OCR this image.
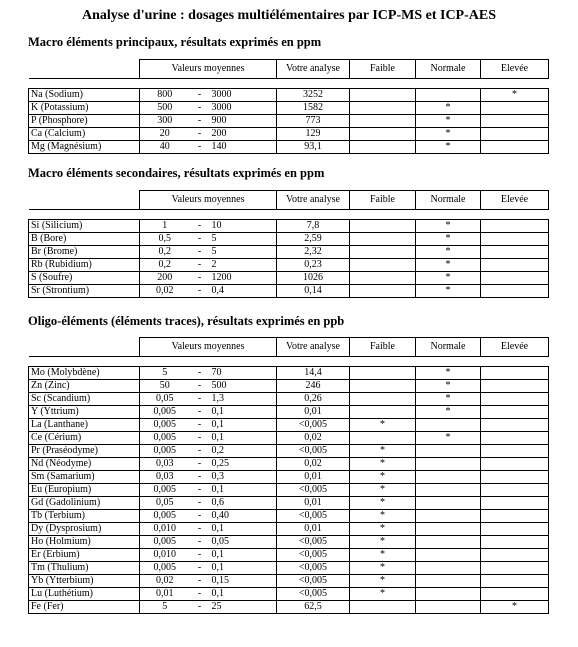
Analyse d'urine : dosages multiélémentaires par ICP-MS et ICP-AES
Macro éléments principaux, résultats exprimés en ppm
	Valeurs moyennes			Votre analyse	Faible	Normale	Elevée

Na (Sodium)	800	-	3000	3252			*
K (Potassium)	500	-	3000	1582		*	
P (Phosphore)	300	-	900	773		*	
Ca (Calcium)	20	-	200	129		*	
Mg (Magnésium)	40	-	140	93,1		*	
Macro éléments secondaires, résultats exprimés en ppm
	Valeurs moyennes			Votre analyse	Faible	Normale	Elevée

Si (Silicium)	1	-	10	7,8		*	
B (Bore)	0,5	-	5	2,59		*	
Br (Brome)	0,2	-	5	2,32		*	
Rb (Rubidium)	0,2	-	2	0,23		*	
S (Soufre)	200	-	1200	1026		*	
Sr (Strontium)	0,02	-	0,4	0,14		*	
Oligo-éléments (éléments traces), résultats exprimés en ppb
	Valeurs moyennes			Votre analyse	Faible	Normale	Elevée

Mo (Molybdène)	5	-	70	14,4		*	
Zn (Zinc)	50	-	500	246		*	
Sc (Scandium)	0,05	-	1,3	0,26		*	
Y (Yttrium)	0,005	-	0,1	0,01		*	
La (Lanthane)	0,005	-	0,1	<0,005	*		
Ce (Cérium)	0,005	-	0,1	0,02		*	
Pr (Praséodyme)	0,005	-	0,2	<0,005	*		
Nd (Néodyme)	0,03	-	0,25	0,02	*		
Sm (Samarium)	0,03	-	0,3	0,01	*		
Eu (Europium)	0,005	-	0,1	<0,005	*		
Gd (Gadolinium)	0,05	-	0,6	0,01	*		
Tb (Terbium)	0,005	-	0,40	<0,005	*		
Dy (Dysprosium)	0,010	-	0,1	0,01	*		
Ho (Holmium)	0,005	-	0,05	<0,005	*		
Er (Erbium)	0,010	-	0,1	<0,005	*		
Tm (Thulium)	0,005	-	0,1	<0,005	*		
Yb (Ytterbium)	0,02	-	0,15	<0,005	*		
Lu (Luthétium)	0,01	-	0,1	<0,005	*		
Fe (Fer)	5	-	25	62,5			*
